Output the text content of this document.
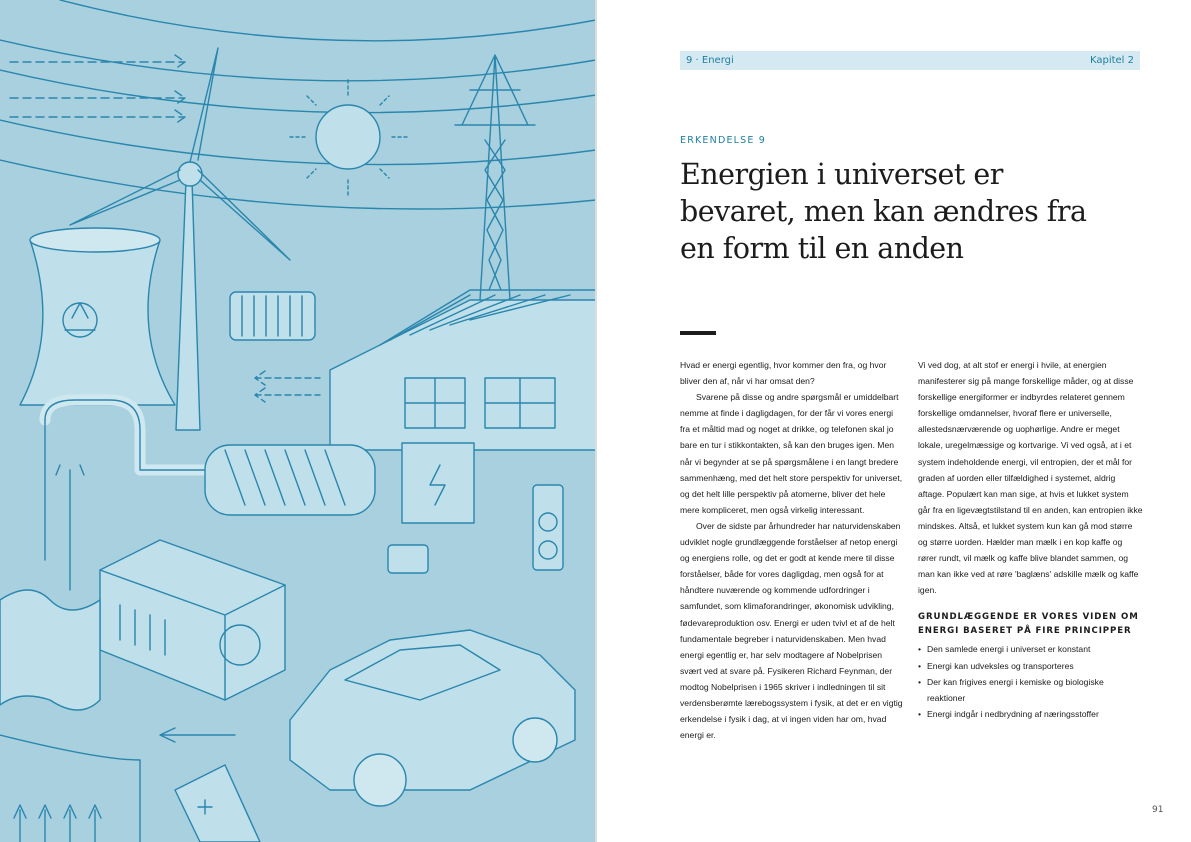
9 · Energi	Kapitel 2
ERKENDELSE 9
Energien i universet er bevaret, men kan ændres fra en form til en anden

Hvad er energi egentlig, hvor kommer den fra, og hvor bliver den af, når vi har omsat den?

Svarene på disse og andre spørgsmål er umiddelbart nemme at finde i dagligdagen, for der får vi vores energi fra et måltid mad og noget at drikke, og telefonen skal jo bare en tur i stikkontakten, så kan den bruges igen. Men når vi begynder at se på spørgsmålene i en langt bredere sammenhæng, med det helt store perspektiv for universet, og det helt lille perspektiv på atomerne, bliver det hele mere kompliceret, men også virkelig interessant.

Over de sidste par århundreder har naturvidenskaben udviklet nogle grundlæggende forståelser af netop energi og energiens rolle, og det er godt at kende mere til disse forståelser, både for vores dagligdag, men også for at håndtere nuværende og kommende udfordringer i samfundet, som klimaforandringer, økonomisk udvikling, fødevareproduktion osv. Energi er uden tvivl et af de helt fundamentale begreber i naturvidenskaben. Men hvad energi egentlig er, har selv modtagere af Nobelprisen svært ved at svare på. Fysikeren Richard Feynman, der modtog Nobelprisen i 1965 skriver i indledningen til sit verdensberømte lærebogssystem i fysik, at det er en vigtig erkendelse i fysik i dag, at vi ingen viden har om, hvad energi er.

Vi ved dog, at alt stof er energi i hvile, at energien manifesterer sig på mange forskellige måder, og at disse forskellige energiformer er indbyrdes relateret gennem forskellige omdannelser, hvoraf flere er universelle, allestedsnærværende og uophørlige. Andre er meget lokale, uregelmæssige og kortvarige. Vi ved også, at i et system indeholdende energi, vil entropien, der et mål for graden af uorden eller tilfældighed i systemet, aldrig aftage. Populært kan man sige, at hvis et lukket system går fra en ligevægtstilstand til en anden, kan entropien ikke mindskes. Altså, et lukket system kun kan gå mod større og større uorden. Hælder man mælk i en kop kaffe og rører rundt, vil mælk og kaffe blive blandet sammen, og man kan ikke ved at røre 'baglæns' adskille mælk og kaffe igen.

GRUNDLÆGGENDE ER VORES VIDEN OM ENERGI BASERET PÅ FIRE PRINCIPPER
• Den samlede energi i universet er konstant
• Energi kan udveksles og transporteres
• Der kan frigives energi i kemiske og biologiske reaktioner
• Energi indgår i nedbrydning af næringsstoffer
91
